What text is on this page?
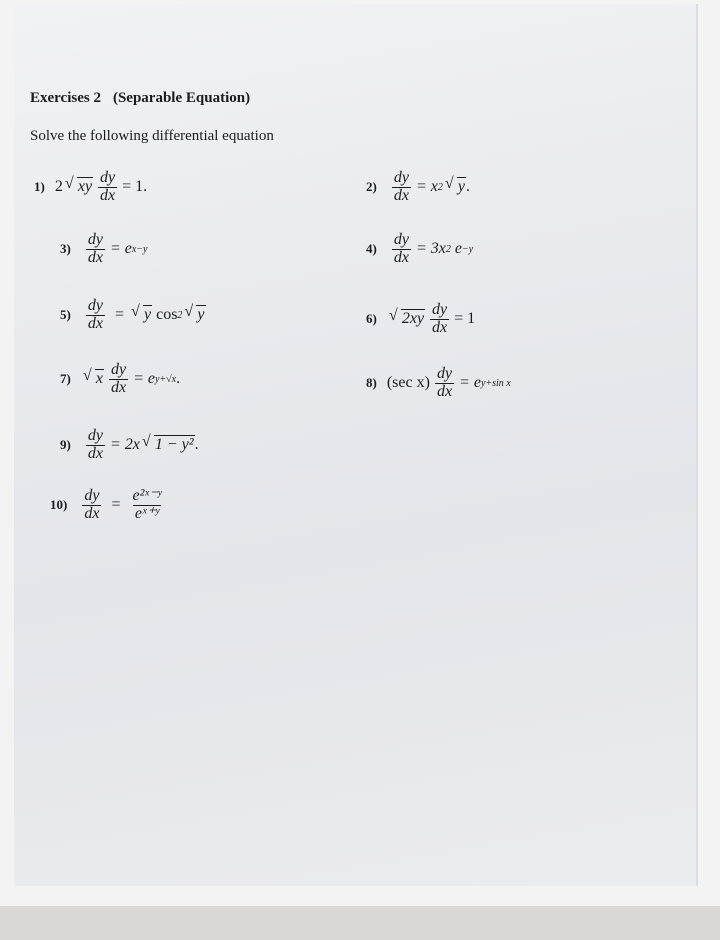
Exercises 2 (Separable Equation)
Solve the following differential equation
1) 2 √ xy $\frac{dy}{dx} = 1$.	$2) \frac{dy}{dx} = x$ 2 √ y .
$3) \frac{dy}{dx} = e$ x−y	$4) \frac{dy}{dx} = 3x$ 2 e −y
$5) \frac{dy}{dx}$ =	√ y cos 2 √ y	6)	√ $2xy \frac{dy}{dx} = 1$
7)	√ x $\frac{dy}{dx} = e$ y+√x .	8) (sec $x) \frac{dy}{dx} = e$ y+sin x
$9) \frac{dy}{dx} = 2x$ √ 1 − y² .
$10) \frac{dy}{dx} = \frac{\text{e²ˣ⁻ʸ}}{\text{eˣ⁺ʸ}}$
